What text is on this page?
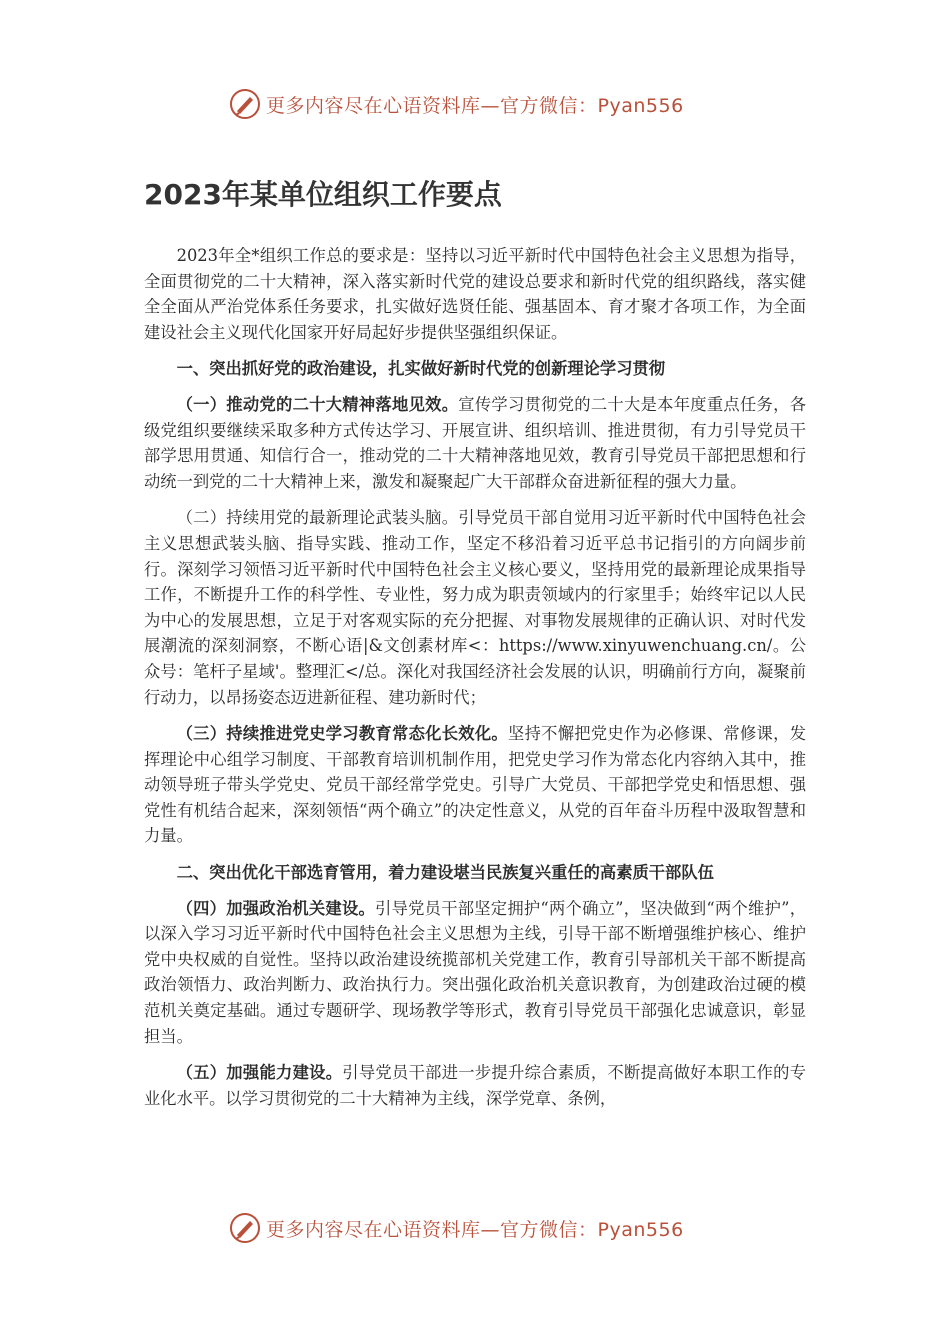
更多内容尽在心语资料库—官方微信：Pyan556
2023年某单位组织工作要点

2023年全*组织工作总的要求是：坚持以习近平新时代中国特色社会主义思想为指导，全面贯彻党的二十大精神，深入落实新时代党的建设总要求和新时代党的组织路线，落实健全全面从严治党体系任务要求，扎实做好选贤任能、强基固本、育才聚才各项工作，为全面建设社会主义现代化国家开好局起好步提供坚强组织保证。

一、突出抓好党的政治建设，扎实做好新时代党的创新理论学习贯彻

（一）推动党的二十大精神落地见效。宣传学习贯彻党的二十大是本年度重点任务，各级党组织要继续采取多种方式传达学习、开展宣讲、组织培训、推进贯彻，有力引导党员干部学思用贯通、知信行合一，推动党的二十大精神落地见效，教育引导党员干部把思想和行动统一到党的二十大精神上来，激发和凝聚起广大干部群众奋进新征程的强大力量。

（二）持续用党的最新理论武装头脑。引导党员干部自觉用习近平新时代中国特色社会主义思想武装头脑、指导实践、推动工作，坚定不移沿着习近平总书记指引的方向阔步前行。深刻学习领悟习近平新时代中国特色社会主义核心要义，坚持用党的最新理论成果指导工作，不断提升工作的科学性、专业性，努力成为职责领域内的行家里手；始终牢记以人民为中心的发展思想，立足于对客观实际的充分把握、对事物发展规律的正确认识、对时代发展潮流的深刻洞察，不断心语|&文创素材库<：https://www.xinyuwenchuang.cn/。公众号：笔杆子星域'。整理汇</总。深化对我国经济社会发展的认识，明确前行方向，凝聚前行动力，以昂扬姿态迈进新征程、建功新时代；

（三）持续推进党史学习教育常态化长效化。坚持不懈把党史作为必修课、常修课，发挥理论中心组学习制度、干部教育培训机制作用，把党史学习作为常态化内容纳入其中，推动领导班子带头学党史、党员干部经常学党史。引导广大党员、干部把学党史和悟思想、强党性有机结合起来，深刻领悟“两个确立”的决定性意义，从党的百年奋斗历程中汲取智慧和力量。

二、突出优化干部选育管用，着力建设堪当民族复兴重任的高素质干部队伍

（四）加强政治机关建设。引导党员干部坚定拥护“两个确立”，坚决做到“两个维护”，以深入学习习近平新时代中国特色社会主义思想为主线，引导干部不断增强维护核心、维护党中央权威的自觉性。坚持以政治建设统揽部机关党建工作，教育引导部机关干部不断提高政治领悟力、政治判断力、政治执行力。突出强化政治机关意识教育，为创建政治过硬的模范机关奠定基础。通过专题研学、现场教学等形式，教育引导党员干部强化忠诚意识，彰显担当。

（五）加强能力建设。引导党员干部进一步提升综合素质，不断提高做好本职工作的专业化水平。以学习贯彻党的二十大精神为主线，深学党章、条例，

更多内容尽在心语资料库—官方微信：Pyan556
